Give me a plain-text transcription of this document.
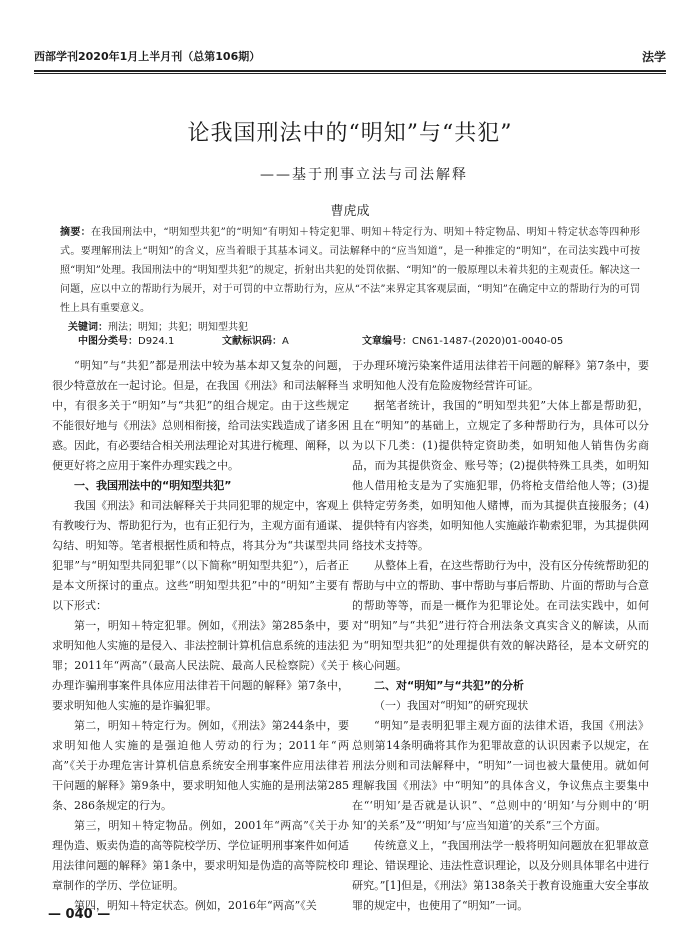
西部学刊2020年1月上半月刊（总第106期）	法学
论我国刑法中的“明知”与“共犯”
——基于刑事立法与司法解释
曹虎成
摘要：在我国刑法中，“明知型共犯”的“明知”有明知＋特定犯罪、明知＋特定行为、明知＋特定物品、明知＋特定状态等四种形式。要理解刑法上“明知”的含义，应当着眼于其基本词义。司法解释中的“应当知道”，是一种推定的“明知”，在司法实践中可按照“明知”处理。我国刑法中的“明知型共犯”的规定，折射出共犯的处罚依据、“明知”的一般原理以未着共犯的主观责任。解决这一问题，应以中立的帮助行为展开，对于可罚的中立帮助行为，应从“不法”来界定其客观层面，“明知”在确定中立的帮助行为的可罚性上具有重要意义。
关键词：刑法；明知；共犯；明知型共犯
中图分类号：D924.1	文献标识码：A	文章编号：CN61-1487-(2020)01-0040-05

“明知”与“共犯”都是刑法中较为基本却又复杂的问题，很少特意放在一起讨论。但是，在我国《刑法》和司法解释当中，有很多关于“明知”与“共犯”的组合规定。由于这些规定不能很好地与《刑法》总则相衔接，给司法实践造成了诸多困惑。因此，有必要结合相关刑法理论对其进行梳理、阐释，以便更好将之应用于案件办理实践之中。

一、我国刑法中的“明知型共犯”

我国《刑法》和司法解释关于共同犯罪的规定中，客观上有教唆行为、帮助犯行为，也有正犯行为，主观方面有通谋、勾结、明知等。笔者根据性质和特点，将其分为“共谋型共同犯罪”与“明知型共同犯罪”（以下简称“明知型共犯”），后者正是本文所探讨的重点。这些“明知型共犯”中的“明知”主要有以下形式：

第一，明知＋特定犯罪。例如，《刑法》第285条中，要求明知他人实施的是侵入、非法控制计算机信息系统的违法犯罪；2011年“两高”（最高人民法院、最高人民检察院）《关于办理诈骗刑事案件具体应用法律若干问题的解释》第7条中，要求明知他人实施的是诈骗犯罪。

第二，明知＋特定行为。例如，《刑法》第244条中，要求明知他人实施的是强迫他人劳动的行为；2011年“两高”《关于办理危害计算机信息系统安全刑事案件应用法律若干问题的解释》第9条中，要求明知他人实施的是刑法第285条、286条规定的行为。

第三，明知＋特定物品。例如，2001年“两高”《关于办理伪造、贩卖伪造的高等院校学历、学位证明刑事案件如何适用法律问题的解释》第1条中，要求明知是伪造的高等院校印章制作的学历、学位证明。

第四，明知＋特定状态。例如，2016年“两高”《关

于办理环境污染案件适用法律若干问题的解释》第7条中，要求明知他人没有危险废物经营许可证。

据笔者统计，我国的“明知型共犯”大体上都是帮助犯，且在“明知”的基础上，立规定了多种帮助行为，具体可以分为以下几类：(1)提供特定资助类，如明知他人销售伪劣商品，而为其提供资金、账号等；(2)提供特殊工具类，如明知他人借用枪支是为了实施犯罪，仍将枪支借给他人等；(3)提供特定劳务类，如明知他人赌博，而为其提供直接服务；(4)提供特有内容类，如明知他人实施敲诈勒索犯罪，为其提供网络技术支持等。

从整体上看，在这些帮助行为中，没有区分传统帮助犯的帮助与中立的帮助、事中帮助与事后帮助、片面的帮助与合意的帮助等等，而是一概作为犯罪论处。在司法实践中，如何对“明知”与“共犯”进行符合刑法条文真实含义的解读，从而为“明知型共犯”的处理提供有效的解决路径，是本文研究的核心问题。

二、对“明知”与“共犯”的分析
（一）我国对“明知”的研究现状

“明知”是表明犯罪主观方面的法律术语，我国《刑法》总则第14条明确将其作为犯罪故意的认识因素予以规定，在刑法分则和司法解释中，“明知”一词也被大量使用。就如何理解我国《刑法》中“明知”的具体含义，争议焦点主要集中在“‘明知’是否就是认识”、“总则中的‘明知’与分则中的‘明知’的关系”及“‘明知’与‘应当知道’的关系”三个方面。

传统意义上，“我国刑法学一般将明知问题放在犯罪故意理论、错误理论、违法性意识理论，以及分则具体罪名中进行研究。”[1]但是，《刑法》第138条关于教育设施重大安全事故罪的规定中，也使用了“明知”一词。

— 040 —
